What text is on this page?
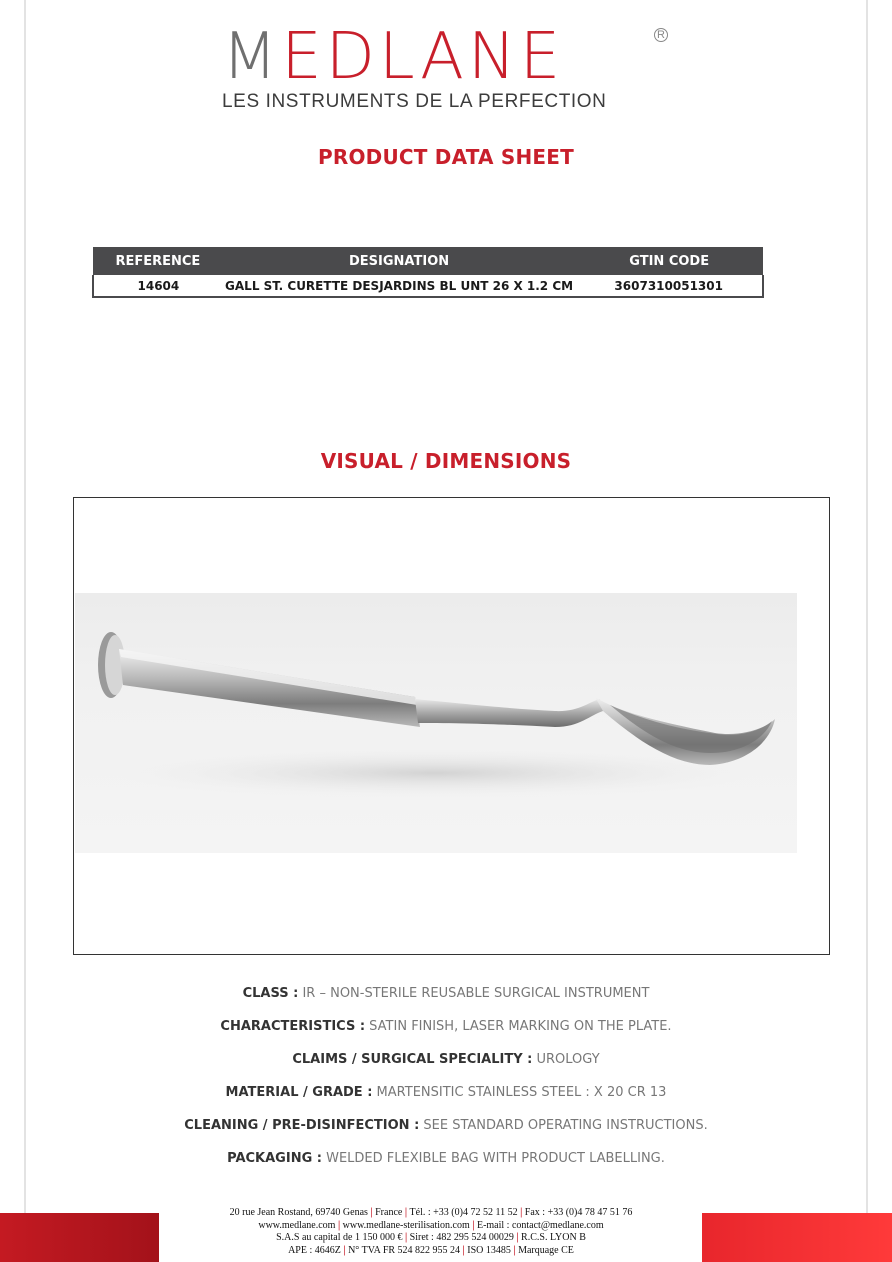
MEDLANE	R
LES INSTRUMENTS DE LA PERFECTION
PRODUCT DATA SHEET
REFERENCE	DESIGNATION	GTIN CODE
14604	GALL ST. CURETTE DESJARDINS BL UNT 26 X 1.2 CM	3607310051301
VISUAL / DIMENSIONS
CLASS : IR – NON-STERILE REUSABLE SURGICAL INSTRUMENT
CHARACTERISTICS : SATIN FINISH, LASER MARKING ON THE PLATE.
CLAIMS / SURGICAL SPECIALITY : UROLOGY
MATERIAL / GRADE : MARTENSITIC STAINLESS STEEL : X 20 CR 13
CLEANING / PRE-DISINFECTION : SEE STANDARD OPERATING INSTRUCTIONS.
PACKAGING : WELDED FLEXIBLE BAG WITH PRODUCT LABELLING.
20 rue Jean Rostand, 69740 Genas | France | Tél. : +33 (0)4 72 52 11 52 | Fax : +33 (0)4 78 47 51 76
www.medlane.com | www.medlane-sterilisation.com | E-mail : contact@medlane.com
S.A.S au capital de 1 150 000 € | Siret : 482 295 524 00029 | R.C.S. LYON B
APE : 4646Z | N° TVA FR 524 822 955 24 | ISO 13485 | Marquage CE
